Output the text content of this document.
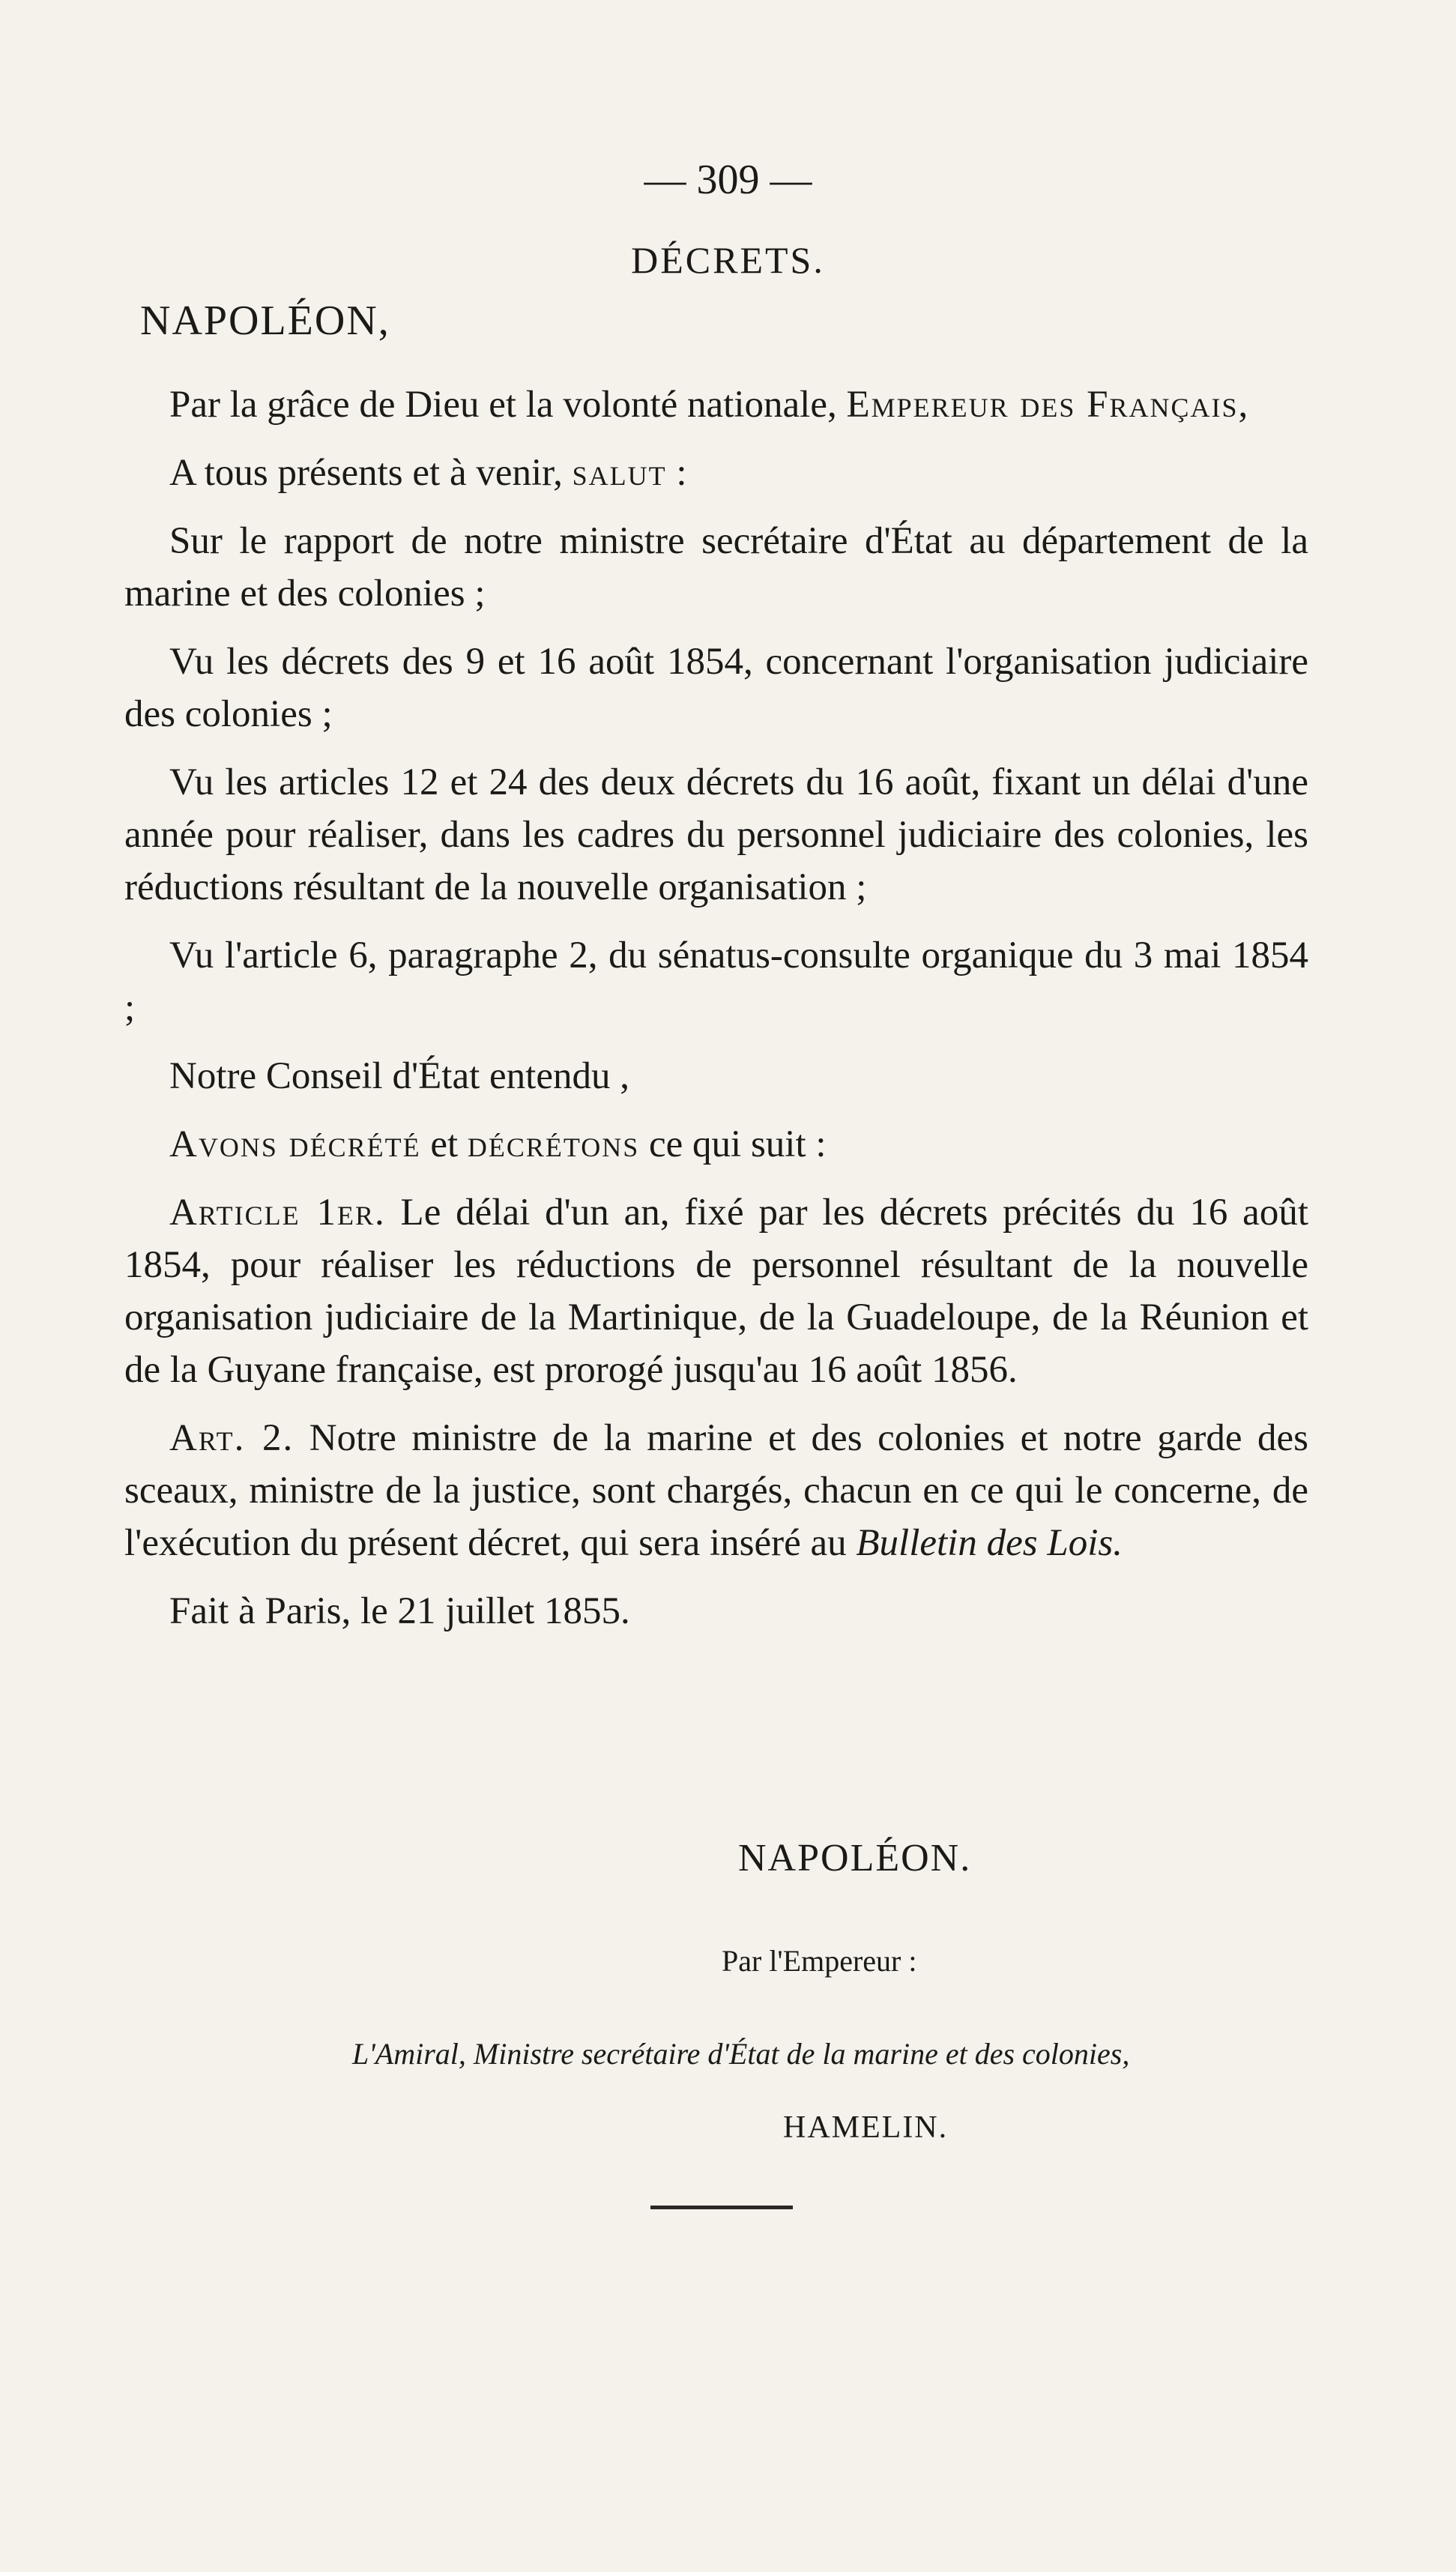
— 309 —
DÉCRETS.
NAPOLÉON,

Par la grâce de Dieu et la volonté nationale, Empereur des Français,

A tous présents et à venir, salut :

Sur le rapport de notre ministre secrétaire d'État au département de la marine et des colonies ;

Vu les décrets des 9 et 16 août 1854, concernant l'organisation judiciaire des colonies ;

Vu les articles 12 et 24 des deux décrets du 16 août, fixant un délai d'une année pour réaliser, dans les cadres du personnel judiciaire des colonies, les réductions résultant de la nouvelle organisation ;

Vu l'article 6, paragraphe 2, du sénatus-consulte organique du 3 mai 1854 ;

Notre Conseil d'État entendu ,

Avons décrété et décrétons ce qui suit :

Article 1er. Le délai d'un an, fixé par les décrets précités du 16 août 1854, pour réaliser les réductions de personnel résultant de la nouvelle organisation judiciaire de la Martinique, de la Guadeloupe, de la Réunion et de la Guyane française, est prorogé jusqu'au 16 août 1856.

Art. 2. Notre ministre de la marine et des colonies et notre garde des sceaux, ministre de la justice, sont chargés, chacun en ce qui le concerne, de l'exécution du présent décret, qui sera inséré au Bulletin des Lois.

Fait à Paris, le 21 juillet 1855.

NAPOLÉON.
Par l'Empereur :
L'Amiral, Ministre secrétaire d'État de la marine et des colonies,
HAMELIN.
